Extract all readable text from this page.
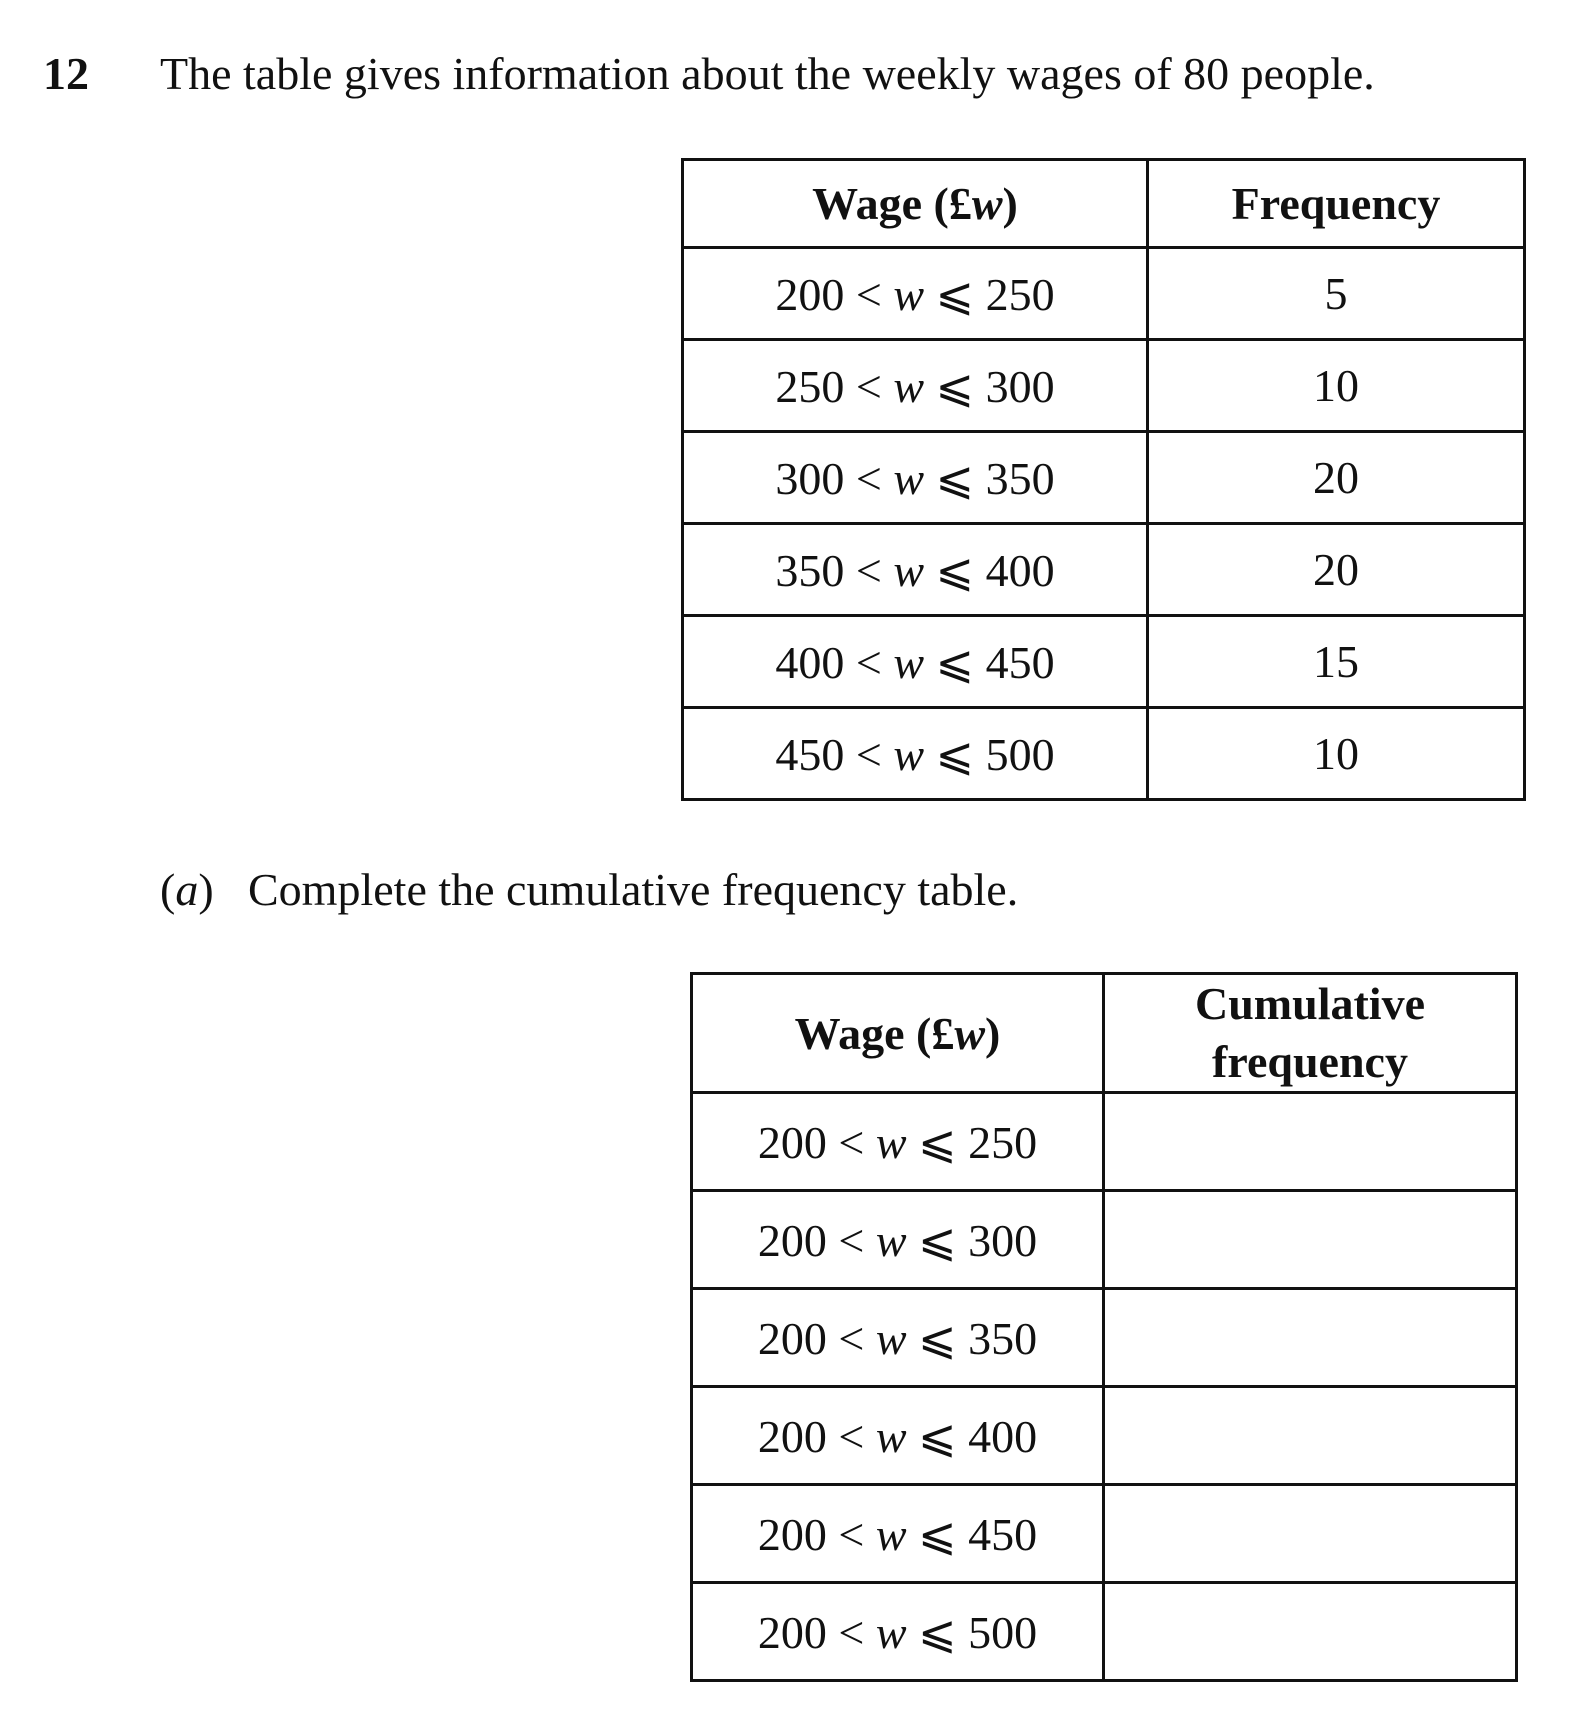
12 The table gives information about the weekly wages of 80 people.
Wage (£w)	Frequency
200 < w ⩽ 250	5
250 < w ⩽ 300	10
300 < w ⩽ 350	20
350 < w ⩽ 400	20
400 < w ⩽ 450	15
450 < w ⩽ 500	10
(a) Complete the cumulative frequency table.
Wage (£w)	Cumulative
frequency
200 < w ⩽ 250	
200 < w ⩽ 300	
200 < w ⩽ 350	
200 < w ⩽ 400	
200 < w ⩽ 450	
200 < w ⩽ 500	
